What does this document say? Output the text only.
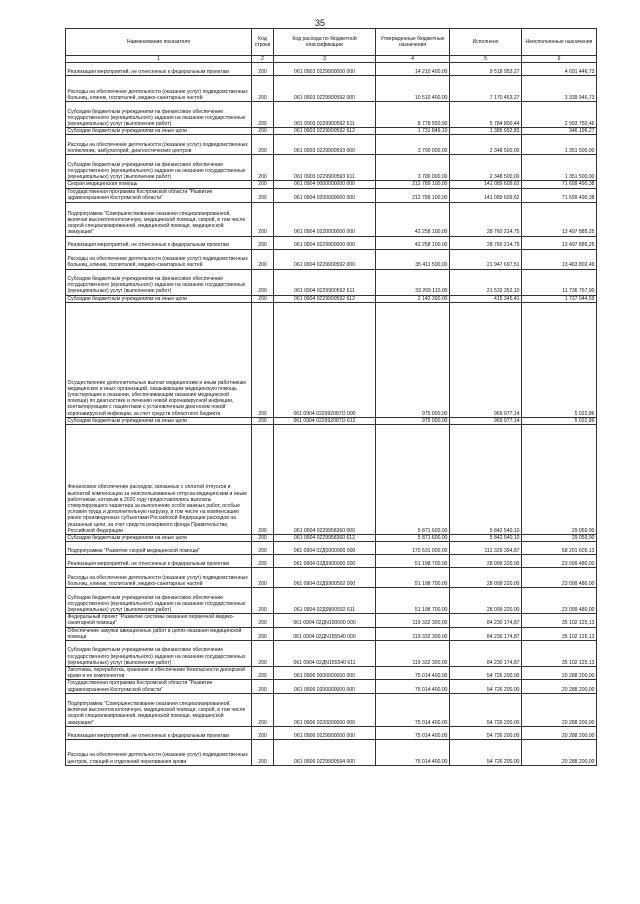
35
Наименование показателя	Код строки	Код расхода по бюджетной классификации	Утвержденные бюджетные назначения	Исполнено	Неисполненные назначения
1	2	3	4	5	6
Реализация мероприятий, не отнесенных к федеральным проектам	200	061 0903 0229900000 000	14 210 400,00	9 518 953,27	4 691 446,73
Расходы на обеспечение деятельности (оказание услуг) подведомственных больниц, клиник, госпиталей, медико-санитарных частей	200	061 0903 0229900592 000	10 510 400,00	7 170 453,27	3 339 946,73
Субсидии бюджетным учреждениям на финансовое обеспечение государственного (муниципального) задания на оказание государственных (муниципальных) услуг (выполнение работ)	200	061 0903 0229900592 611	8 778 550,90	5 784 800,44	2 993 750,46
Субсидии бюджетным учреждениям на иные цели	200	061 0903 0229900592 612	1 731 849,10	1 385 652,83	346 196,27
Расходы на обеспечение деятельности (оказание услуг) подведомственных поликлиник, амбулаторий, диагностических центров	200	061 0903 0229900593 000	3 700 000,00	2 348 500,00	1 351 500,00
Субсидии бюджетным учреждениям на финансовое обеспечение государственного (муниципального) задания на оказание государственных (муниципальных) услуг (выполнение работ)	200	061 0903 0229900593 611	3 700 000,00	2 348 500,00	1 351 500,00
Скорая медицинская помощь	200	061 0904 0000000000 000	212 789 100,00	141 089 609,62	71 699 490,38
Государственная программа Костромской области "Развитие здравоохранения Костромской области"	200	061 0904 0200000000 000	212 789 100,00	141 089 609,62	71 699 490,38
Подпрограмма "Совершенствование оказания специализированной, включая высокотехнологичную, медицинской помощи, скорой, в том числе скорой специализированной, медицинской помощи, медицинской эвакуации"	200	061 0904 0220000000 000	42 258 100,00	28 760 214,75	13 497 885,25
Реализация мероприятий, не отнесенных к федеральным проектам	200	061 0904 0229900000 000	42 258 100,00	28 760 214,75	13 497 885,25
Расходы на обеспечение деятельности (оказание услуг) подведомственных больниц, клиник, госпиталей, медико-санитарных частей	200	061 0904 0229900592 000	35 411 500,00	21 947 697,51	13 463 802,49
Субсидии бюджетным учреждениям на финансовое обеспечение государственного (муниципального) задания на оказание государственных (муниципальных) услуг (выполнение работ)	200	061 0904 0229900592 611	33 269 110,00	21 532 352,10	11 736 757,90
Субсидии бюджетным учреждениям на иные цели	200	061 0904 0229900592 612	2 142 390,00	415 345,41	1 727 044,59
Осуществление дополнительных выплат медицинским и иным работникам медицинских и иных организаций, оказывающим медицинскую помощь (участвующим в оказании, обеспечивающим оказание медицинской помощи) по диагностике и лечению новой коронавирусной инфекции, контактирующим с пациентами с установленным диагнозом новой коронавирусной инфекции, за счет средств областного бюджета	200	061 0904 022992087О 000	975 000,00	969 977,14	5 022,86
Субсидии бюджетным учреждениям на иные цели	200	061 0904 022992087О 612	975 000,00	969 977,14	5 022,86
Финансовое обеспечение расходов, связанных с оплатой отпусков и выплатой компенсации за неиспользованные отпуска медицинским и иным работникам, которым в 2020 году предоставлялись выплаты стимулирующего характера за выполнение особо важных работ, особые условия труда и дополнительную нагрузку, в том числе на компенсацию ранее произведенных субъектами Российской Федерации расходов на указанные цели, за счет средств резервного фонда Правительства Российской Федерации	200	061 0904 0229958360 000	5 871 600,00	5 842 540,10	29 059,90
Субсидии бюджетным учреждениям на иные цели	200	061 0904 0229958360 612	5 871 600,00	5 842 540,10	29 059,90
Подпрограмма "Развитие скорой медицинской помощи"	200	061 0904 02Д0000000 000	170 531 000,00	112 329 394,87	58 201 605,13
Реализация мероприятий, не отнесенных к федеральным проектам	200	061 0904 02Д9900000 000	51 198 700,00	28 099 220,00	23 099 480,00
Расходы на обеспечение деятельности (оказание услуг) подведомственных больниц, клиник, госпиталей, медико-санитарных частей	200	061 0904 02Д9900592 000	51 198 700,00	28 099 220,00	23 099 480,00
Субсидии бюджетным учреждениям на финансовое обеспечение государственного (муниципального) задания на оказание государственных (муниципальных) услуг (выполнение работ)	200	061 0904 02Д9900592 611	51 198 700,00	28 099 220,00	23 099 480,00
Федеральный проект "Развитие системы оказания первичной медико-санитарной помощи"	200	061 0904 02ДN100000 000	119 332 300,00	84 230 174,87	35 102 125,13
Обеспечение закупки авиационных работ в целях оказания медицинской помощи	200	061 0904 02ДN155540 000	119 332 300,00	84 230 174,87	35 102 125,13
Субсидии бюджетным учреждениям на финансовое обеспечение государственного (муниципального) задания на оказание государственных (муниципальных) услуг (выполнение работ)	200	061 0904 02ДN155540 611	119 332 300,00	84 230 174,87	35 102 125,13
Заготовка, переработка, хранение и обеспечение безопасности донорской крови и ее компонентов	200	061 0906 0000000000 000	75 014 400,00	54 726 200,00	20 288 200,00
Государственная программа Костромской области "Развитие здравоохранения Костромской области"	200	061 0906 0200000000 000	75 014 400,00	54 726 200,00	20 288 200,00
Подпрограмма "Совершенствование оказания специализированной, включая высокотехнологичную, медицинской помощи, скорой, в том числе скорой специализированной, медицинской помощи, медицинской эвакуации"	200	061 0906 0220000000 000	75 014 400,00	54 726 200,00	20 288 200,00
Реализация мероприятий, не отнесенных к федеральным проектам	200	061 0906 0229900000 000	75 014 400,00	54 726 200,00	20 288 200,00
Расходы на обеспечение деятельности (оказание услуг) подведомственных центров, станций и отделений переливания крови	200	061 0906 0229900594 000	75 014 400,00	54 726 200,00	20 288 200,00
